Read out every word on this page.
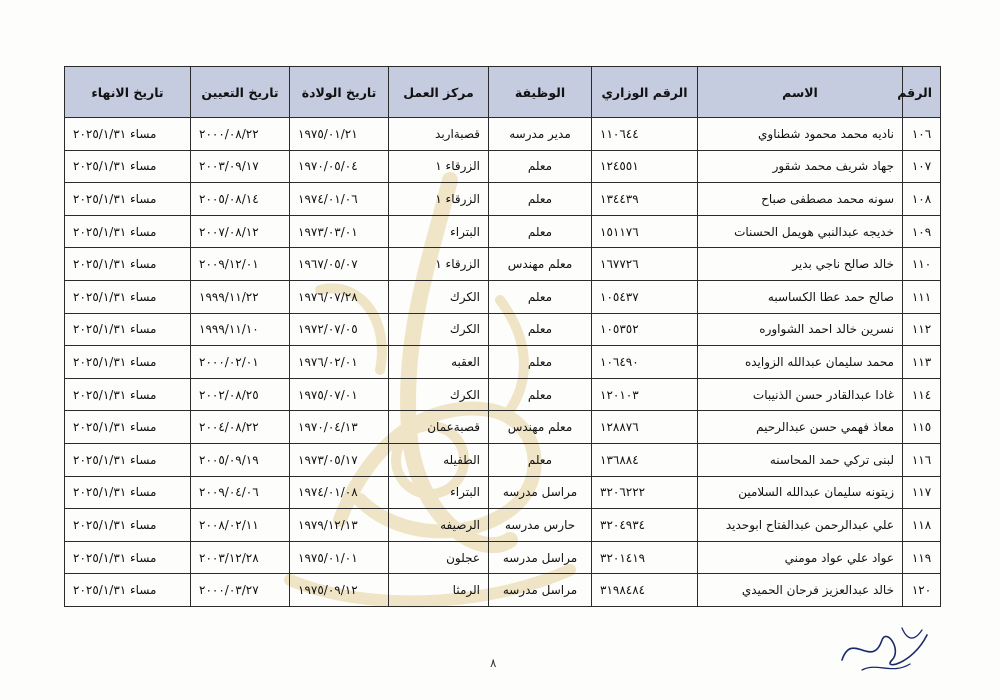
الرقم	الاسم	الرقم الوزاري	الوظيفة	مركز العمل	تاريخ الولادة	تاريخ التعيين	تاريخ الانهاء
١٠٦	ناديه محمد محمود شطناوي	١١٠٦٤٤	مدير مدرسه	قصبةاربد	١٩٧٥/٠١/٢١	٢٠٠٠/٠٨/٢٢	مساء ٢٠٢٥/١/٣١
١٠٧	جهاد شريف محمد شقور	١٢٤٥٥١	معلم	الزرقاء ١	١٩٧٠/٠٥/٠٤	٢٠٠٣/٠٩/١٧	مساء ٢٠٢٥/١/٣١
١٠٨	سونه محمد مصطفى صباح	١٣٤٤٣٩	معلم	الزرقاء ١	١٩٧٤/٠١/٠٦	٢٠٠٥/٠٨/١٤	مساء ٢٠٢٥/١/٣١
١٠٩	خديجه عبدالنبي هويمل الحسنات	١٥١١٧٦	معلم	البتراء	١٩٧٣/٠٣/٠١	٢٠٠٧/٠٨/١٢	مساء ٢٠٢٥/١/٣١
١١٠	خالد صالح ناجي بدير	١٦٧٧٢٦	معلم مهندس	الزرقاء ١	١٩٦٧/٠٥/٠٧	٢٠٠٩/١٢/٠١	مساء ٢٠٢٥/١/٣١
١١١	صالح حمد عطا الكساسبه	١٠٥٤٣٧	معلم	الكرك	١٩٧٦/٠٧/٢٨	١٩٩٩/١١/٢٢	مساء ٢٠٢٥/١/٣١
١١٢	نسرين خالد احمد الشواوره	١٠٥٣٥٢	معلم	الكرك	١٩٧٢/٠٧/٠٥	١٩٩٩/١١/١٠	مساء ٢٠٢٥/١/٣١
١١٣	محمد سليمان عبدالله الزوايده	١٠٦٤٩٠	معلم	العقبه	١٩٧٦/٠٢/٠١	٢٠٠٠/٠٢/٠١	مساء ٢٠٢٥/١/٣١
١١٤	غادا عبدالقادر حسن الذنيبات	١٢٠١٠٣	معلم	الكرك	١٩٧٥/٠٧/٠١	٢٠٠٢/٠٨/٢٥	مساء ٢٠٢٥/١/٣١
١١٥	معاذ فهمي حسن عبدالرحيم	١٢٨٨٧٦	معلم مهندس	قصبةعمان	١٩٧٠/٠٤/١٣	٢٠٠٤/٠٨/٢٢	مساء ٢٠٢٥/١/٣١
١١٦	لبنى تركي حمد المحاسنه	١٣٦٨٨٤	معلم	الطفيله	١٩٧٣/٠٥/١٧	٢٠٠٥/٠٩/١٩	مساء ٢٠٢٥/١/٣١
١١٧	زيتونه سليمان عبدالله السلامين	٣٢٠٦٢٢٢	مراسل مدرسه	البتراء	١٩٧٤/٠١/٠٨	٢٠٠٩/٠٤/٠٦	مساء ٢٠٢٥/١/٣١
١١٨	علي عبدالرحمن عبدالفتاح ابوحديد	٣٢٠٤٩٣٤	حارس مدرسه	الرصيفه	١٩٧٩/١٢/١٣	٢٠٠٨/٠٢/١١	مساء ٢٠٢٥/١/٣١
١١٩	عواد علي عواد مومني	٣٢٠١٤١٩	مراسل مدرسه	عجلون	١٩٧٥/٠١/٠١	٢٠٠٣/١٢/٢٨	مساء ٢٠٢٥/١/٣١
١٢٠	خالد عبدالعزيز فرحان الحميدي	٣١٩٨٤٨٤	مراسل مدرسه	الرمثا	١٩٧٥/٠٩/١٢	٢٠٠٠/٠٣/٢٧	مساء ٢٠٢٥/١/٣١
٨
